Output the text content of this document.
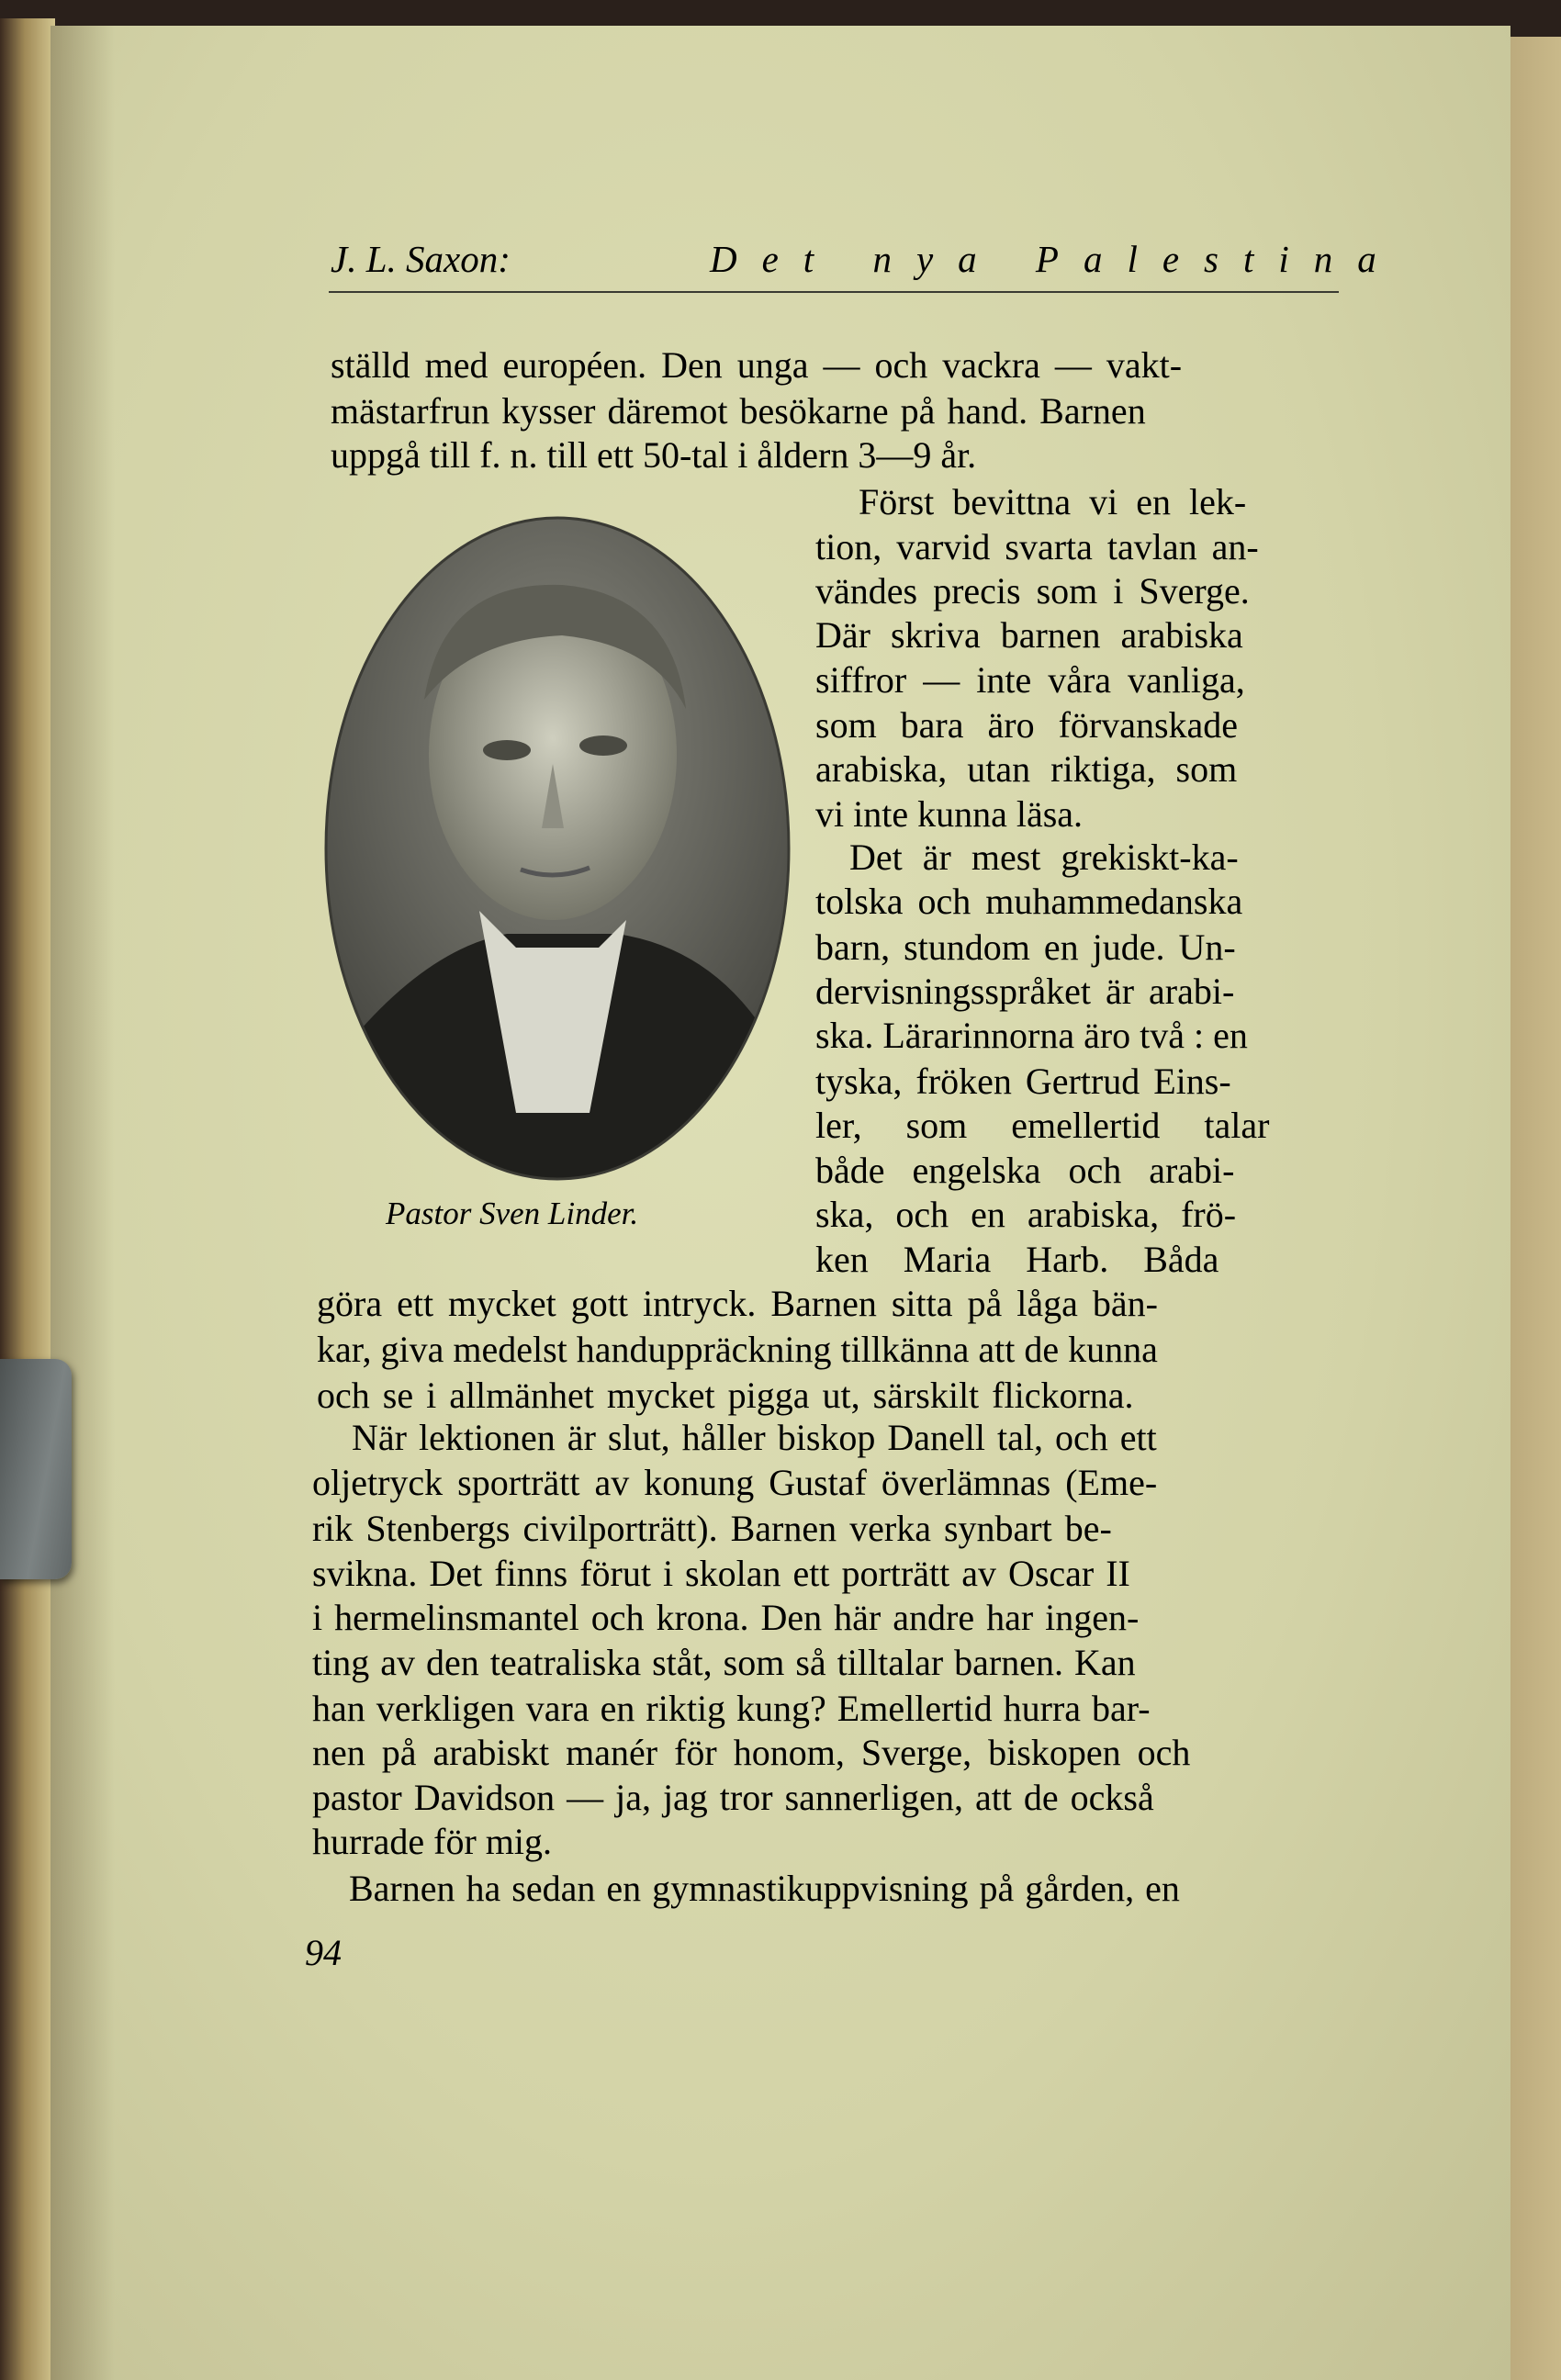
J. L. Saxon:	Det nya Palestina
ställd med européen. Den unga — och vackra — vakt-
mästarfrun kysser däremot besökarne på hand. Barnen
uppgå till f. n. till ett 50-tal i åldern 3—9 år.
Pastor Sven Linder.
Först bevittna vi en lek-
tion, varvid svarta tavlan an-
vändes precis som i Sverge.
Där skriva barnen arabiska
siffror — inte våra vanliga,
som bara äro förvanskade
arabiska, utan riktiga, som
vi inte kunna läsa.
Det är mest grekiskt-ka-
tolska och muhammedanska
barn, stundom en jude. Un-
dervisningsspråket är arabi-
ska. Lärarinnorna äro två : en
tyska, fröken Gertrud Eins-
ler, som emellertid talar
både engelska och arabi-
ska, och en arabiska, frö-
ken Maria Harb. Båda
göra ett mycket gott intryck. Barnen sitta på låga bän-
kar, giva medelst handuppräckning tillkänna att de kunna
och se i allmänhet mycket pigga ut, särskilt flickorna.
När lektionen är slut, håller biskop Danell tal, och ett
oljetryck sporträtt av konung Gustaf överlämnas (Eme-
rik Stenbergs civilporträtt). Barnen verka synbart be-
svikna. Det finns förut i skolan ett porträtt av Oscar II
i hermelinsmantel och krona. Den här andre har ingen-
ting av den teatraliska ståt, som så tilltalar barnen. Kan
han verkligen vara en riktig kung? Emellertid hurra bar-
nen på arabiskt manér för honom, Sverge, biskopen och
pastor Davidson — ja, jag tror sannerligen, att de också
hurrade för mig.
Barnen ha sedan en gymnastikuppvisning på gården, en
94
